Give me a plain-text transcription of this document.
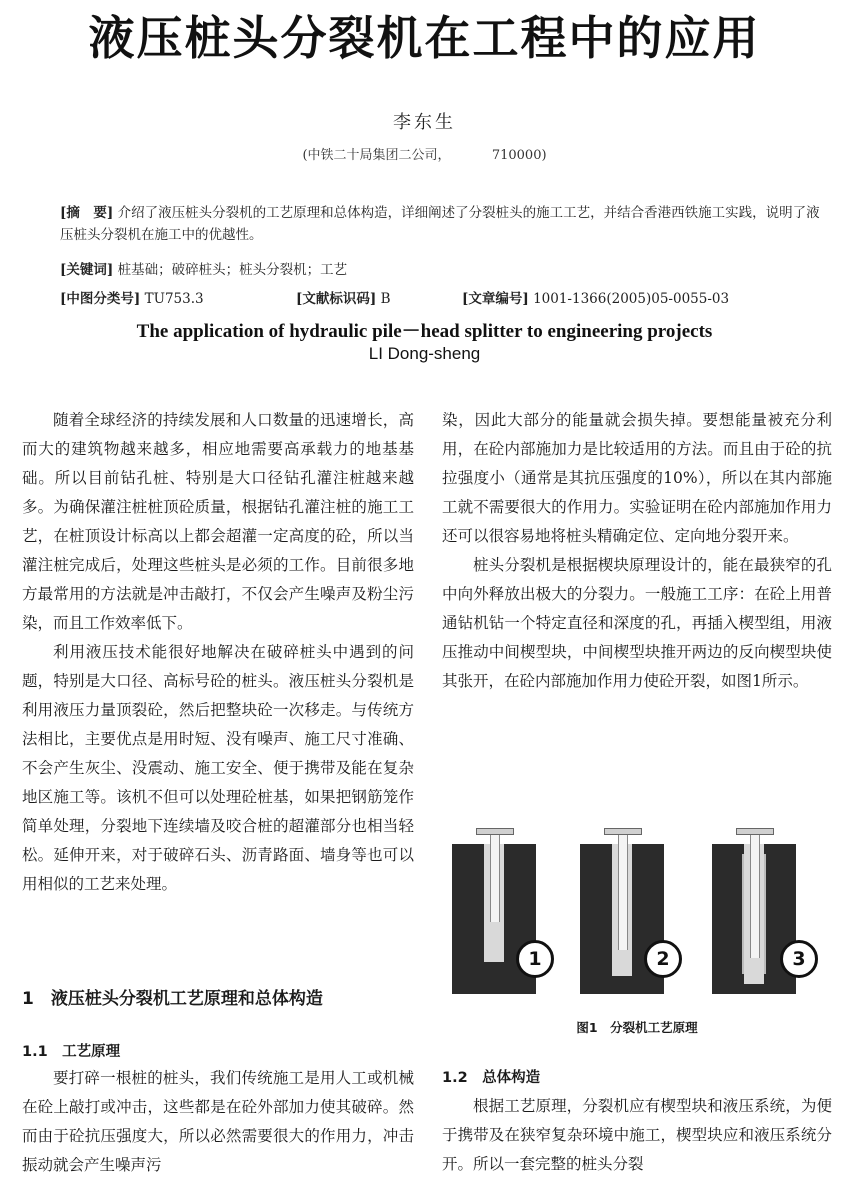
液压桩头分裂机在工程中的应用
李东生
(中铁二十局集团二公司，          710000)
[摘　要] 介绍了液压桩头分裂机的工艺原理和总体构造，详细阐述了分裂桩头的施工工艺，并结合香港西铁施工实践，说明了液压桩头分裂机在施工中的优越性。
[关键词] 桩基础；破碎桩头；桩头分裂机；工艺
[中图分类号] TU753.3	[文献标识码] B	[文章编号] 1001-1366(2005)05-0055-03
The application of hydraulic pile－head splitter to engineering projects
LI Dong-sheng

随着全球经济的持续发展和人口数量的迅速增长，高而大的建筑物越来越多，相应地需要高承载力的地基基础。所以目前钻孔桩、特别是大口径钻孔灌注桩越来越多。为确保灌注桩桩顶砼质量，根据钻孔灌注桩的施工工艺，在桩顶设计标高以上都会超灌一定高度的砼，所以当灌注桩完成后，处理这些桩头是必须的工作。目前很多地方最常用的方法就是冲击敲打，不仅会产生噪声及粉尘污染，而且工作效率低下。

利用液压技术能很好地解决在破碎桩头中遇到的问题，特别是大口径、高标号砼的桩头。液压桩头分裂机是利用液压力量顶裂砼，然后把整块砼一次移走。与传统方法相比，主要优点是用时短、没有噪声、施工尺寸准确、不会产生灰尘、没震动、施工安全、便于携带及能在复杂地区施工等。该机不但可以处理砼桩基，如果把钢筋笼作简单处理，分裂地下连续墙及咬合桩的超灌部分也相当轻松。延伸开来，对于破碎石头、沥青路面、墙身等也可以用相似的工艺来处理。

染，因此大部分的能量就会损失掉。要想能量被充分利用，在砼内部施加力是比较适用的方法。而且由于砼的抗拉强度小（通常是其抗压强度的10%），所以在其内部施工就不需要很大的作用力。实验证明在砼内部施加作用力还可以很容易地将桩头精确定位、定向地分裂开来。

桩头分裂机是根据楔块原理设计的，能在最狭窄的孔中向外释放出极大的分裂力。一般施工工序：在砼上用普通钻机钻一个特定直径和深度的孔，再插入楔型组，用液压推动中间楔型块，中间楔型块推开两边的反向楔型块使其张开，在砼内部施加作用力使砼开裂，如图1所示。

1	2	3
图1　分裂机工艺原理
1　液压桩头分裂机工艺原理和总体构造
1.1　工艺原理

要打碎一根桩的桩头，我们传统施工是用人工或机械在砼上敲打或冲击，这些都是在砼外部加力使其破碎。然而由于砼抗压强度大，所以必然需要很大的作用力，冲击振动就会产生噪声污

1.2　总体构造

根据工艺原理，分裂机应有楔型块和液压系统，为便于携带及在狭窄复杂环境中施工，楔型块应和液压系统分开。所以一套完整的桩头分裂
